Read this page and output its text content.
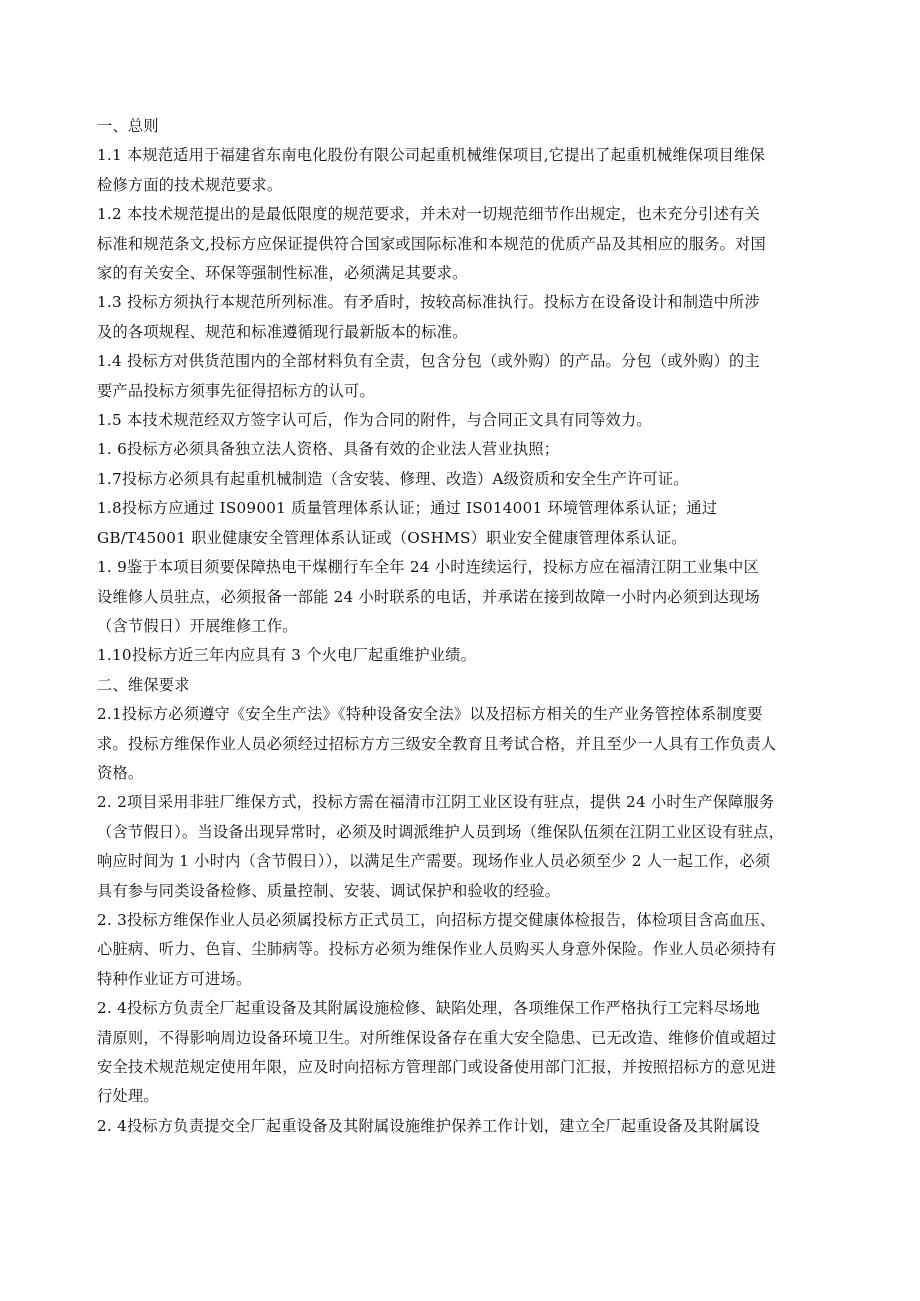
一、总则

1.1 本规范适用于福建省东南电化股份有限公司起重机械维保项目,它提出了起重机械维保项目维保
检修方面的技术规范要求。

1.2 本技术规范提出的是最低限度的规范要求，并未对一切规范细节作出规定，也未充分引述有关
标准和规范条文,投标方应保证提供符合国家或国际标准和本规范的优质产品及其相应的服务。对国
家的有关安全、环保等强制性标准，必须满足其要求。

1.3 投标方须执行本规范所列标准。有矛盾时，按较高标准执行。投标方在设备设计和制造中所涉
及的各项规程、规范和标准遵循现行最新版本的标准。

1.4 投标方对供货范围内的全部材料负有全责，包含分包（或外购）的产品。分包（或外购）的主
要产品投标方须事先征得招标方的认可。

1.5 本技术规范经双方签字认可后，作为合同的附件，与合同正文具有同等效力。

1. 6投标方必须具备独立法人资格、具备有效的企业法人营业执照；

1.7投标方必须具有起重机械制造（含安装、修理、改造）A级资质和安全生产许可证。

1.8投标方应通过 IS09001 质量管理体系认证；通过 IS014001 环境管理体系认证；通过
GB/T45001 职业健康安全管理体系认证或（OSHMS）职业安全健康管理体系认证。

1. 9鉴于本项目须要保障热电干煤棚行车全年 24 小时连续运行，投标方应在福清江阴工业集中区
设维修人员驻点，必须报备一部能 24 小时联系的电话，并承诺在接到故障一小时内必须到达现场
（含节假日）开展维修工作。

1.10投标方近三年内应具有 3 个火电厂起重维护业绩。

二、维保要求

2.1投标方必须遵守《安全生产法》《特种设备安全法》以及招标方相关的生产业务管控体系制度要
求。投标方维保作业人员必须经过招标方方三级安全教育且考试合格，并且至少一人具有工作负责人
资格。

2. 2项目采用非驻厂维保方式，投标方需在福清市江阴工业区设有驻点，提供 24 小时生产保障服务
（含节假日）。当设备出现异常时，必须及时调派维护人员到场（维保队伍须在江阴工业区设有驻点，
响应时间为 1 小时内（含节假日）），以满足生产需要。现场作业人员必须至少 2 人一起工作，必须
具有参与同类设备检修、质量控制、安装、调试保护和验收的经验。

2. 3投标方维保作业人员必须属投标方正式员工，向招标方提交健康体检报告，体检项目含高血压、
心脏病、听力、色盲、尘肺病等。投标方必须为维保作业人员购买人身意外保险。作业人员必须持有
特种作业证方可进场。

2. 4投标方负责全厂起重设备及其附属设施检修、缺陷处理，各项维保工作严格执行工完料尽场地
清原则，不得影响周边设备环境卫生。对所维保设备存在重大安全隐患、已无改造、维修价值或超过
安全技术规范规定使用年限，应及时向招标方管理部门或设备使用部门汇报，并按照招标方的意见进
行处理。

2. 4投标方负责提交全厂起重设备及其附属设施维护保养工作计划，建立全厂起重设备及其附属设
